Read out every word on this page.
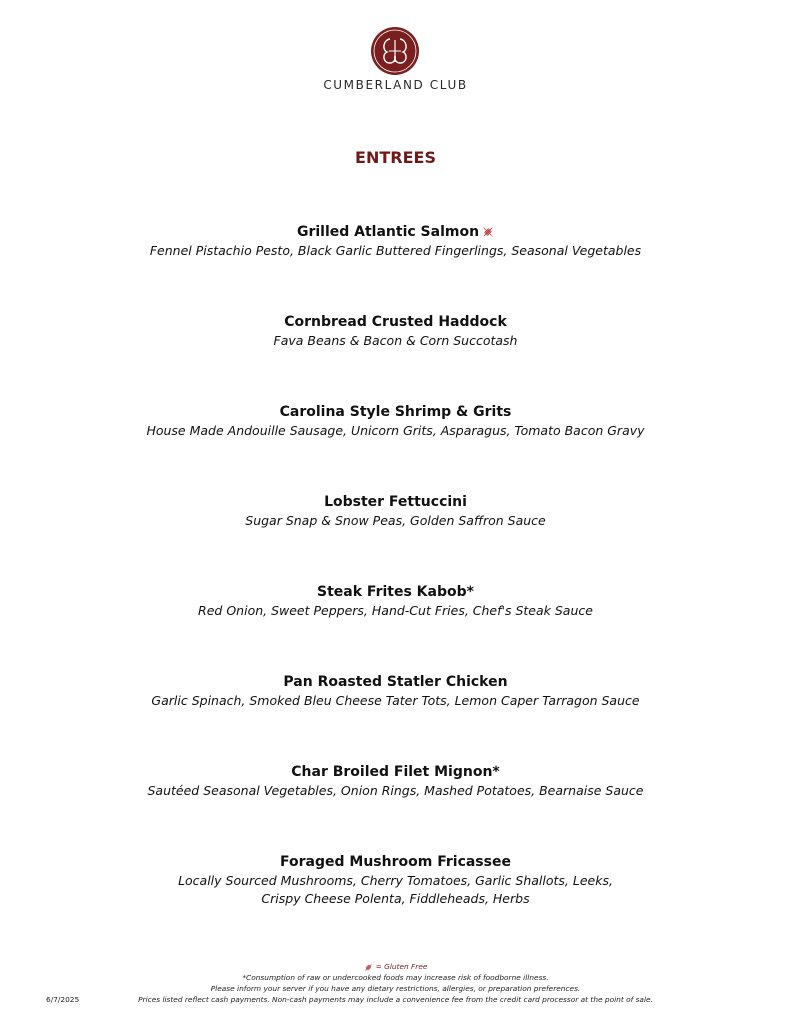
CUMBERLAND CLUB

ENTREES
Grilled Atlantic Salmon
Fennel Pistachio Pesto, Black Garlic Buttered Fingerlings, Seasonal Vegetables
Cornbread Crusted Haddock
Fava Beans & Bacon & Corn Succotash
Carolina Style Shrimp & Grits
House Made Andouille Sausage, Unicorn Grits, Asparagus, Tomato Bacon Gravy
Lobster Fettuccini
Sugar Snap & Snow Peas, Golden Saffron Sauce
Steak Frites Kabob*
Red Onion, Sweet Peppers, Hand-Cut Fries, Chef's Steak Sauce
Pan Roasted Statler Chicken
Garlic Spinach, Smoked Bleu Cheese Tater Tots, Lemon Caper Tarragon Sauce
Char Broiled Filet Mignon*
Sautéed Seasonal Vegetables, Onion Rings, Mashed Potatoes, Bearnaise Sauce
Foraged Mushroom Fricassee
Locally Sourced Mushrooms, Cherry Tomatoes, Garlic Shallots, Leeks,
Crispy Cheese Polenta, Fiddleheads, Herbs
= Gluten Free
*Consumption of raw or undercooked foods may increase risk of foodborne illness.
Please inform your server if you have any dietary restrictions, allergies, or preparation preferences.
Prices listed reflect cash payments. Non-cash payments may include a convenience fee from the credit card processor at the point of sale.
6/7/2025
